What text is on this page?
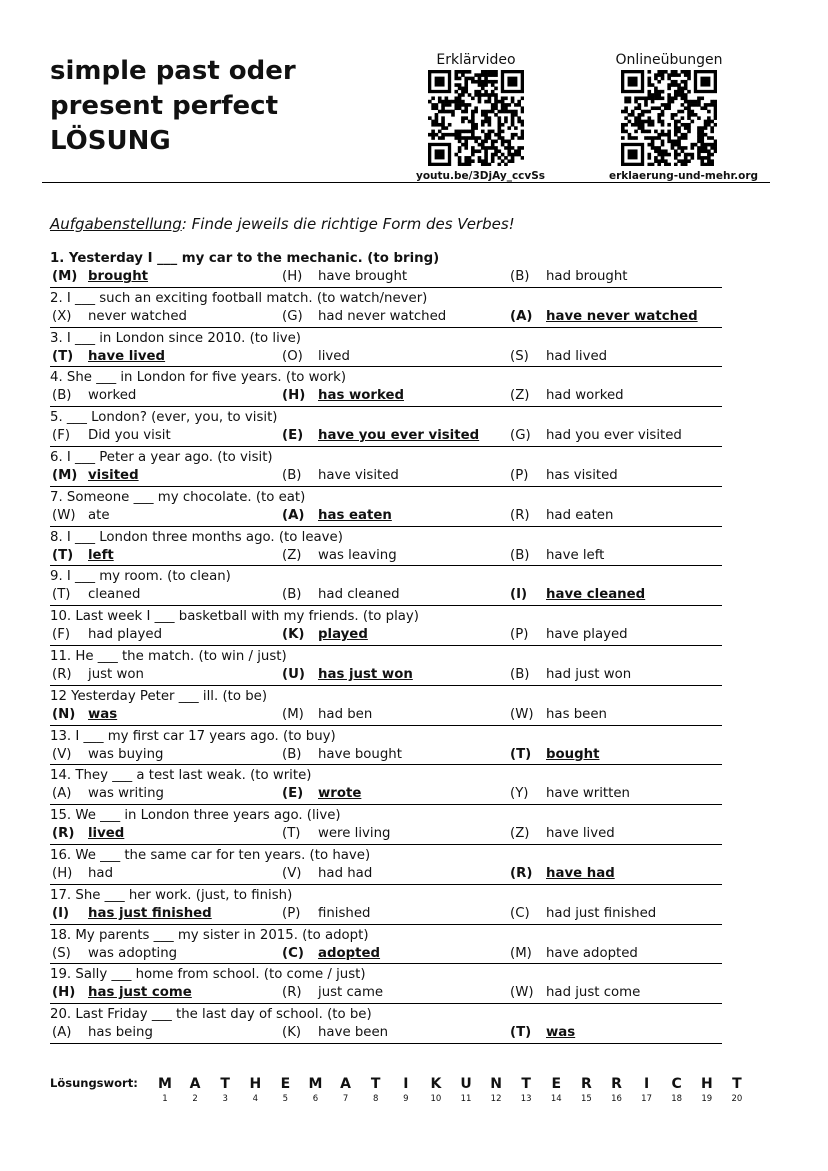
simple past oder
present perfect
LÖSUNG
Erklärvideo
youtu.be/3DjAy_ccvSs
Onlineübungen
erklaerung-und-mehr.org
Aufgabenstellung: Finde jeweils die richtige Form des Verbes!
1. Yesterday I ___ my car to the mechanic. (to bring)
(M) brought	(H) have brought	(B) had brought
2. I ___ such an exciting football match. (to watch/never)
(X) never watched	(G) had never watched	(A) have never watched
3. I ___ in London since 2010. (to live)
(T) have lived	(O) lived	(S) had lived
4. She ___ in London for five years. (to work)
(B) worked	(H) has worked	(Z) had worked
5. ___ London? (ever, you, to visit)
(F) Did you visit	(E) have you ever visited (G) had you ever visited
6. I ___ Peter a year ago. (to visit)
(M) visited	(B) have visited	(P) has visited
7. Someone ___ my chocolate. (to eat)
(W) ate	(A) has eaten	(R) had eaten
8. I ___ London three months ago. (to leave)
(T) left	(Z) was leaving	(B) have left
9. I ___ my room. (to clean)
(T) cleaned	(B) had cleaned	(I) have cleaned
10. Last week I ___ basketball with my friends. (to play)
(F) had played	(K) played	(P) have played
11. He ___ the match. (to win / just)
(R) just won	(U) has just won	(B) had just won
12 Yesterday Peter ___ ill. (to be)
(N) was	(M) had ben	(W) has been
13. I ___ my first car 17 years ago. (to buy)
(V) was buying	(B) have bought	(T) bought
14. They ___ a test last weak. (to write)
(A) was writing	(E) wrote	(Y) have written
15. We ___ in London three years ago. (live)
(R) lived	(T) were living	(Z) have lived
16. We ___ the same car for ten years. (to have)
(H) had	(V) had had	(R) have had
17. She ___ her work. (just, to finish)
(I) has just finished	(P) finished	(C) had just finished
18. My parents ___ my sister in 2015. (to adopt)
(S) was adopting	(C) adopted	(M) have adopted
19. Sally ___ home from school. (to come / just)
(H) has just come	(R) just came	(W) had just come
20. Last Friday ___ the last day of school. (to be)
(A) has being	(K) have been	(T) was
Lösungswort:	M
1
A
2
T
3
H
4
E
5
M
6
A
7
T
8
I
9
K
10
U
11
N
12
T
13
E
14
R
15
R
16
I
17
C
18
H
19
T
20
